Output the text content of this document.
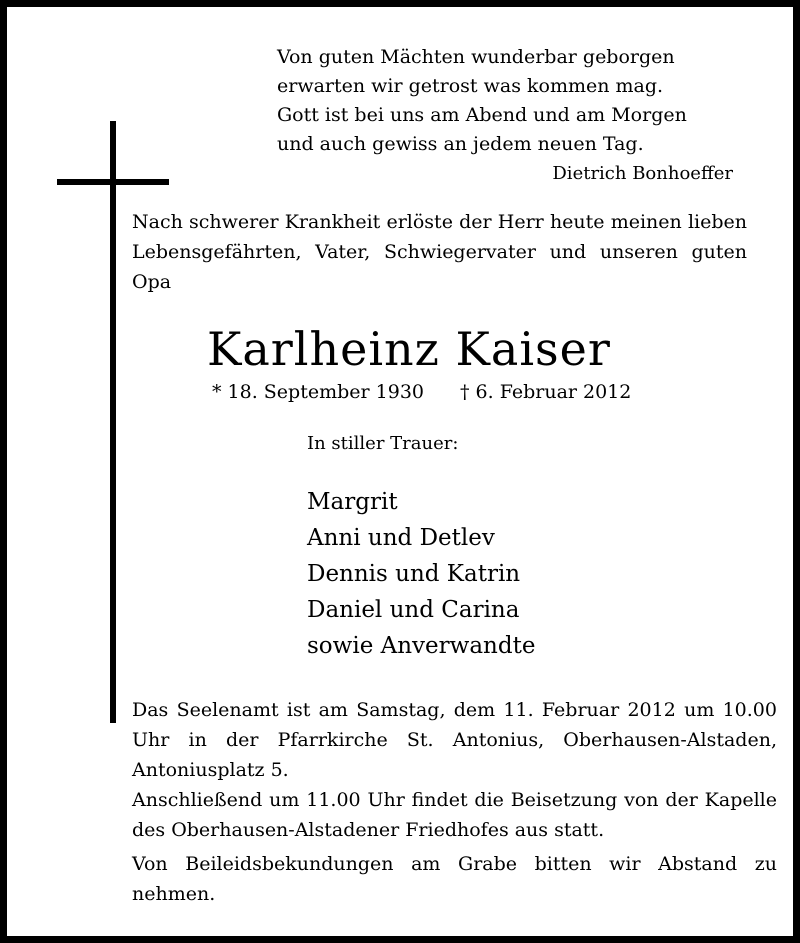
Von guten Mächten wunderbar geborgen
erwarten wir getrost was kommen mag.
Gott ist bei uns am Abend und am Morgen
und auch gewiss an jedem neuen Tag.
Dietrich Bonhoeffer
Nach schwerer Krankheit erlöste der Herr heute meinen lieben Lebensgefährten, Vater, Schwiegervater und unseren guten Opa
Karlheinz Kaiser
* 18. September 1930 † 6. Februar 2012
In stiller Trauer:
Margrit
Anni und Detlev
Dennis und Katrin
Daniel und Carina
sowie Anverwandte

Das Seelenamt ist am Samstag, dem 11. Februar 2012 um 10.00 Uhr in der Pfarrkirche St. Antonius, Oberhausen-Alstaden, Antoniusplatz 5.

Anschließend um 11.00 Uhr findet die Beisetzung von der Kapelle des Oberhausen-Alstadener Friedhofes aus statt.

Von Beileidsbekundungen am Grabe bitten wir Abstand zu nehmen.
